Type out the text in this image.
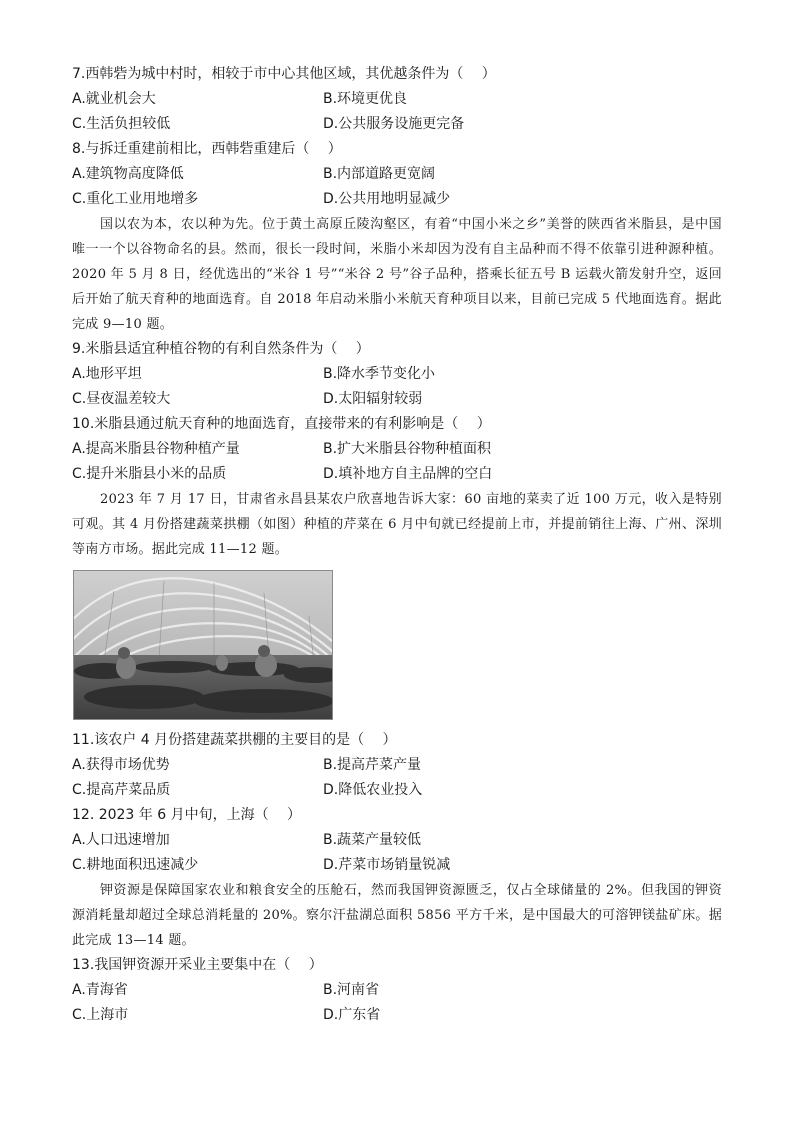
7.西韩砦为城中村时，相较于市中心其他区域，其优越条件为（　 ）
A.就业机会大	B.环境更优良
C.生活负担较低	D.公共服务设施更完备
8.与拆迁重建前相比，西韩砦重建后（　 ）
A.建筑物高度降低	B.内部道路更宽阔
C.重化工业用地增多	D.公共用地明显减少
国以农为本，农以种为先。位于黄土高原丘陵沟壑区，有着“中国小米之乡”美誉的陕西省米脂县，是中国唯一一个以谷物命名的县。然而，很长一段时间，米脂小米却因为没有自主品种而不得不依靠引进种源种植。2020 年 5 月 8 日，经优选出的“米谷 1 号”“米谷 2 号”谷子品种，搭乘长征五号 B 运载火箭发射升空，返回后开始了航天育种的地面选育。自 2018 年启动米脂小米航天育种项目以来，目前已完成 5 代地面选育。据此完成 9—10 题。
9.米脂县适宜种植谷物的有利自然条件为（　 ）
A.地形平坦	B.降水季节变化小
C.昼夜温差较大	D.太阳辐射较弱
10.米脂县通过航天育种的地面选育，直接带来的有利影响是（　 ）
A.提高米脂县谷物种植产量	B.扩大米脂县谷物种植面积
C.提升米脂县小米的品质	D.填补地方自主品牌的空白
2023 年 7 月 17 日，甘肃省永昌县某农户欣喜地告诉大家：60 亩地的菜卖了近 100 万元，收入是特别可观。其 4 月份搭建蔬菜拱棚（如图）种植的芹菜在 6 月中旬就已经提前上市，并提前销往上海、广州、深圳等南方市场。据此完成 11—12 题。
11.该农户 4 月份搭建蔬菜拱棚的主要目的是（　 ）
A.获得市场优势	B.提高芹菜产量
C.提高芹菜品质	D.降低农业投入
12. 2023 年 6 月中旬，上海（　 ）
A.人口迅速增加	B.蔬菜产量较低
C.耕地面积迅速减少	D.芹菜市场销量锐减
钾资源是保障国家农业和粮食安全的压舱石，然而我国钾资源匮乏，仅占全球储量的 2%。但我国的钾资源消耗量却超过全球总消耗量的 20%。察尔汗盐湖总面积 5856 平方千米，是中国最大的可溶钾镁盐矿床。据此完成 13—14 题。
13.我国钾资源开采业主要集中在（　 ）
A.青海省	B.河南省
C.上海市	D.广东省
